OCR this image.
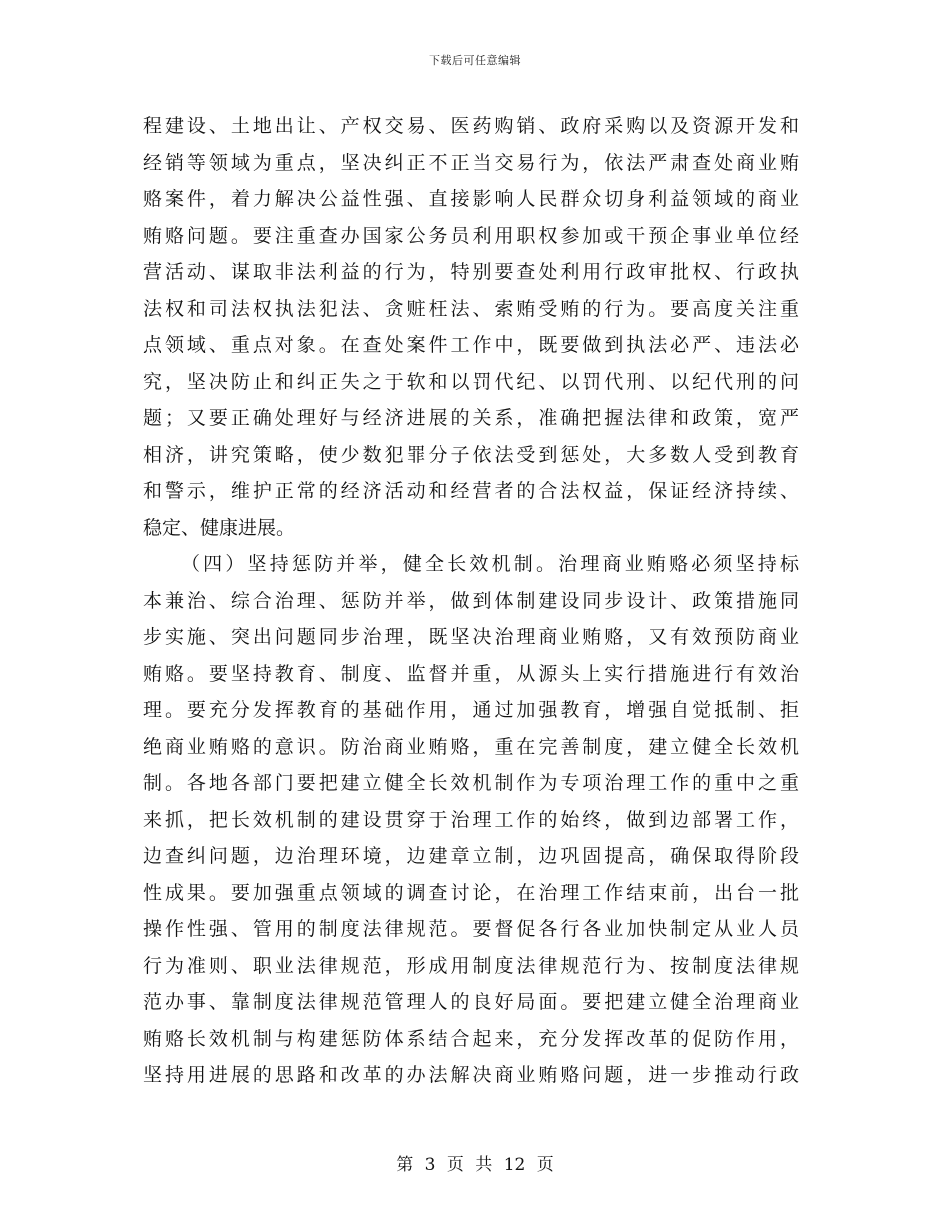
下载后可任意编辑
程建设、土地出让、产权交易、医药购销、政府采购以及资源开发和
经销等领域为重点，坚决纠正不正当交易行为，依法严肃查处商业贿
赂案件，着力解决公益性强、直接影响人民群众切身利益领域的商业
贿赂问题。要注重查办国家公务员利用职权参加或干预企事业单位经
营活动、谋取非法利益的行为，特别要查处利用行政审批权、行政执
法权和司法权执法犯法、贪赃枉法、索贿受贿的行为。要高度关注重
点领域、重点对象。在查处案件工作中，既要做到执法必严、违法必
究，坚决防止和纠正失之于软和以罚代纪、以罚代刑、以纪代刑的问
题；又要正确处理好与经济进展的关系，准确把握法律和政策，宽严
相济，讲究策略，使少数犯罪分子依法受到惩处，大多数人受到教育
和警示，维护正常的经济活动和经营者的合法权益，保证经济持续、
稳定、健康进展。
（四）坚持惩防并举，健全长效机制。治理商业贿赂必须坚持标
本兼治、综合治理、惩防并举，做到体制建设同步设计、政策措施同
步实施、突出问题同步治理，既坚决治理商业贿赂，又有效预防商业
贿赂。要坚持教育、制度、监督并重，从源头上实行措施进行有效治
理。要充分发挥教育的基础作用，通过加强教育，增强自觉抵制、拒
绝商业贿赂的意识。防治商业贿赂，重在完善制度，建立健全长效机
制。各地各部门要把建立健全长效机制作为专项治理工作的重中之重
来抓，把长效机制的建设贯穿于治理工作的始终，做到边部署工作，
边查纠问题，边治理环境，边建章立制，边巩固提高，确保取得阶段
性成果。要加强重点领域的调查讨论，在治理工作结束前，出台一批
操作性强、管用的制度法律规范。要督促各行各业加快制定从业人员
行为准则、职业法律规范，形成用制度法律规范行为、按制度法律规
范办事、靠制度法律规范管理人的良好局面。要把建立健全治理商业
贿赂长效机制与构建惩防体系结合起来，充分发挥改革的促防作用，
坚持用进展的思路和改革的办法解决商业贿赂问题，进一步推动行政
第 3 页 共 12 页
